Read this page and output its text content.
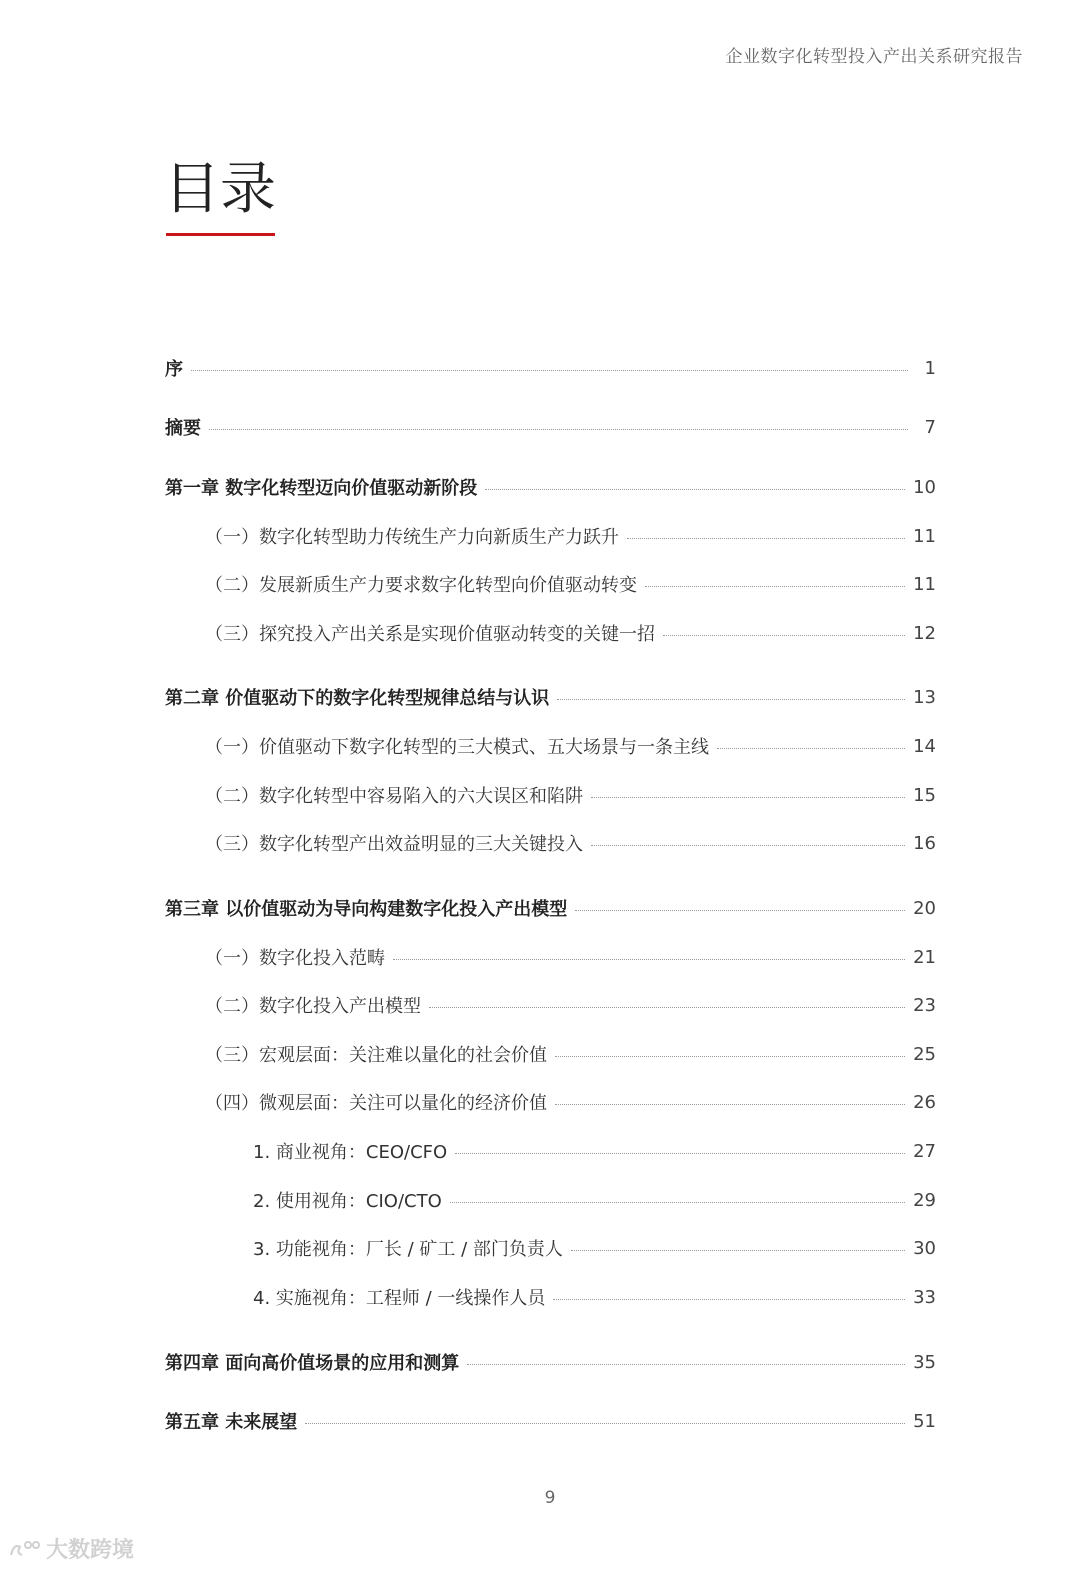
企业数字化转型投入产出关系研究报告
目录
序	1
摘要	7
第一章 数字化转型迈向价值驱动新阶段	10
（一）数字化转型助力传统生产力向新质生产力跃升	11
（二）发展新质生产力要求数字化转型向价值驱动转变	11
（三）探究投入产出关系是实现价值驱动转变的关键一招	12
第二章 价值驱动下的数字化转型规律总结与认识	13
（一）价值驱动下数字化转型的三大模式、五大场景与一条主线	14
（二）数字化转型中容易陷入的六大误区和陷阱	15
（三）数字化转型产出效益明显的三大关键投入	16
第三章 以价值驱动为导向构建数字化投入产出模型	20
（一）数字化投入范畴	21
（二）数字化投入产出模型	23
（三）宏观层面：关注难以量化的社会价值	25
（四）微观层面：关注可以量化的经济价值	26
1. 商业视角：CEO/CFO	27
2. 使用视角：CIO/CTO	29
3. 功能视角：厂长 / 矿工 / 部门负责人	30
4. 实施视角：工程师 / 一线操作人员	33
第四章 面向高价值场景的应用和测算	35
第五章 未来展望	51
9
大数跨境
